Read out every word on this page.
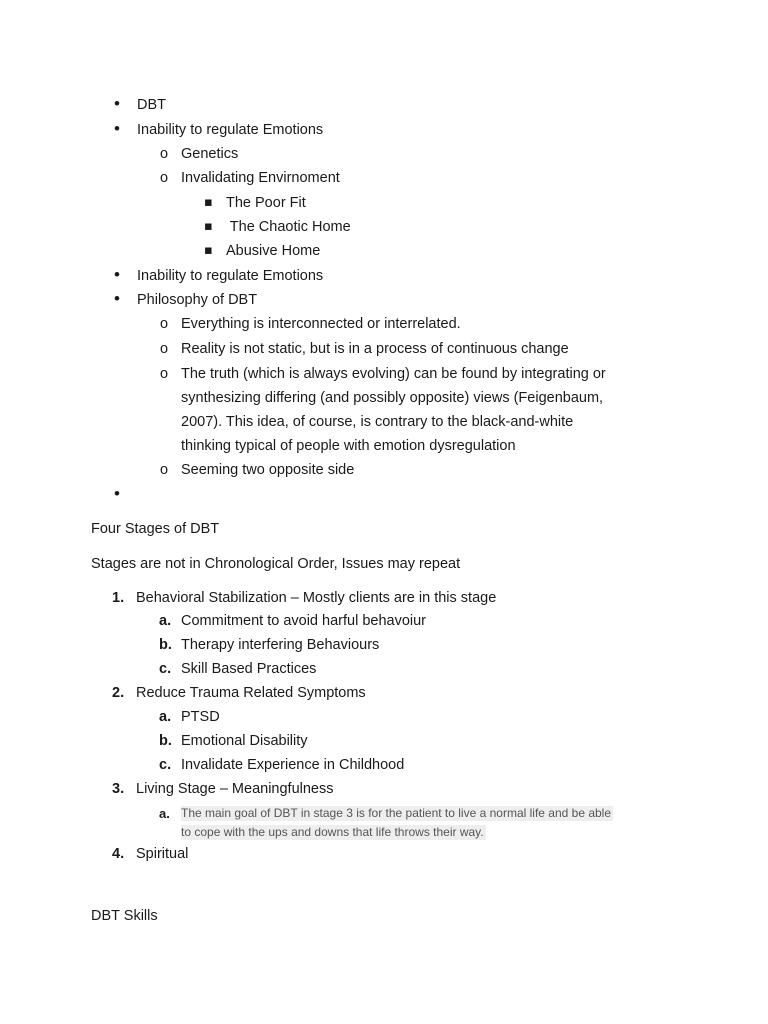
• DBT
• Inability to regulate Emotions
o Genetics
o Invalidating Envirnoment
▪ The Poor Fit
▪ The Chaotic Home
▪ Abusive Home
• Inability to regulate Emotions
• Philosophy of DBT
o Everything is interconnected or interrelated.
o Reality is not static, but is in a process of continuous change
o The truth (which is always evolving) can be found by integrating or
synthesizing differing (and possibly opposite) views (Feigenbaum,
2007). This idea, of course, is contrary to the black-and-white
thinking typical of people with emotion dysregulation
o Seeming two opposite side
•
Four Stages of DBT
Stages are not in Chronological Order, Issues may repeat
1. Behavioral Stabilization – Mostly clients are in this stage
a. Commitment to avoid harful behavoiur
b. Therapy interfering Behaviours
c. Skill Based Practices
2. Reduce Trauma Related Symptoms
a. PTSD
b. Emotional Disability
c. Invalidate Experience in Childhood
3. Living Stage – Meaningfulness
a. The main goal of DBT in stage 3 is for the patient to live a normal life and be able
to cope with the ups and downs that life throws their way.
4. Spiritual
DBT Skills
